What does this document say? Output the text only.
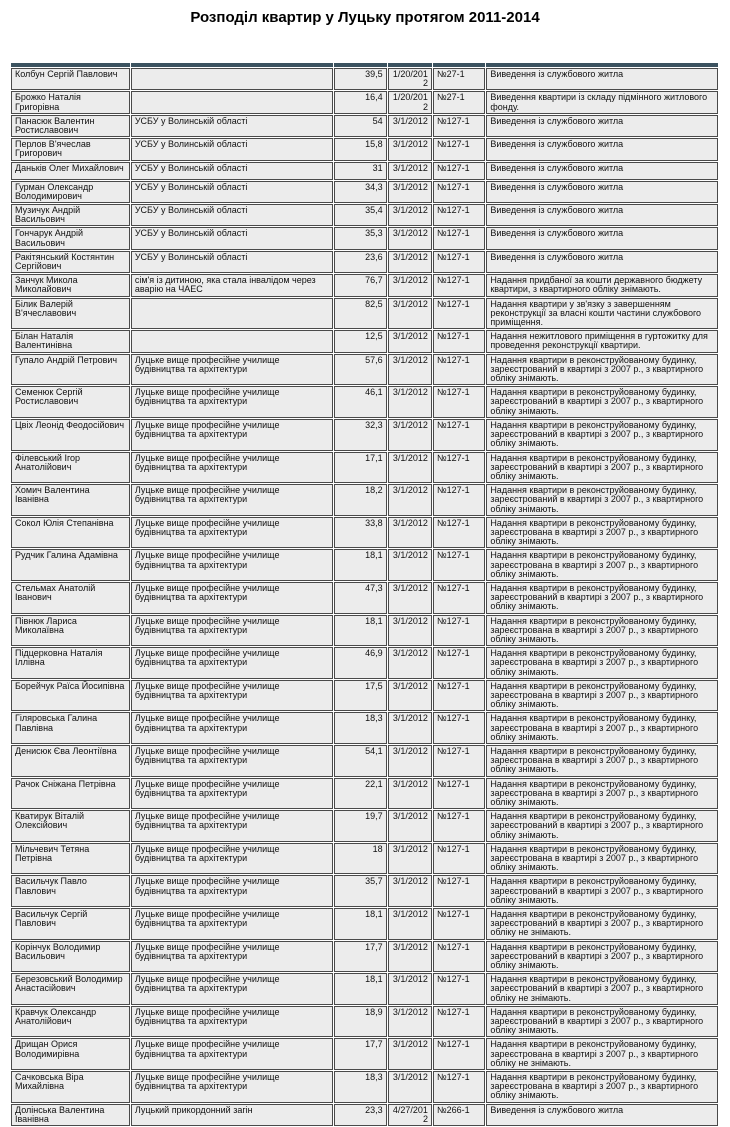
Розподіл квартир у Луцьку протягом 2011-2014

Колбун Сергій Павлович		39,5	1/20/2012	№27-1	Виведення із службового житла
Брожко Наталія Григорівна		16,4	1/20/2012	№27-1	Виведення квартири із складу підмінного житлового фонду.
Панасюк Валентин Ростиславович	УСБУ у Волинській області	54	3/1/2012	№127-1	Виведення із службового житла
Перлов В'ячеслав Григорович	УСБУ у Волинській області	15,8	3/1/2012	№127-1	Виведення із службового житла
Даньків Олег Михайлович	УСБУ у Волинській області	31	3/1/2012	№127-1	Виведення із службового житла
Гурман Олександр Володимирович	УСБУ у Волинській області	34,3	3/1/2012	№127-1	Виведення із службового житла
Музичук Андрій Васильович	УСБУ у Волинській області	35,4	3/1/2012	№127-1	Виведення із службового житла
Гончарук Андрій Васильович	УСБУ у Волинській області	35,3	3/1/2012	№127-1	Виведення із службового житла
Ракітянський Костянтин Сергійович	УСБУ у Волинській області	23,6	3/1/2012	№127-1	Виведення із службового житла
Занчук Микола Миколайович	сім'я із дитиною, яка стала інвалідом через аварію на ЧАЕС	76,7	3/1/2012	№127-1	Надання придбаної за кошти державного бюджету квартири, з квартирного обліку знімають.
Білик Валерій В'ячеславович		82,5	3/1/2012	№127-1	Надання квартири у зв'язку з завершенням реконструкції за власні кошти частини службового приміщення.
Білан Наталія Валентинівна		12,5	3/1/2012	№127-1	Надання нежитлового приміщення в гуртожитку для проведення реконструкції квартири.
Гупало Андрій Петрович	Луцьке вище професійне училище будівництва та архітектури	57,6	3/1/2012	№127-1	Надання квартири в реконструйованому будинку, зареєстрований в квартирі з 2007 р., з квартирного обліку знімають.
Семенюк Сергій Ростиславович	Луцьке вище професійне училище будівництва та архітектури	46,1	3/1/2012	№127-1	Надання квартири в реконструйованому будинку, зареєстрований в квартирі з 2007 р., з квартирного обліку знімають.
Цвіх Леонід Феодосійович	Луцьке вище професійне училище будівництва та архітектури	32,3	3/1/2012	№127-1	Надання квартири в реконструйованому будинку, зареєстрований в квартирі з 2007 р., з квартирного обліку знімають.
Філевський Ігор Анатолійович	Луцьке вище професійне училище будівництва та архітектури	17,1	3/1/2012	№127-1	Надання квартири в реконструйованому будинку, зареєстрований в квартирі з 2007 р., з квартирного обліку знімають.
Хомич Валентина Іванівна	Луцьке вище професійне училище будівництва та архітектури	18,2	3/1/2012	№127-1	Надання квартири в реконструйованому будинку, зареєстрований в квартирі з 2007 р., з квартирного обліку знімають.
Сокол Юлія Степанівна	Луцьке вище професійне училище будівництва та архітектури	33,8	3/1/2012	№127-1	Надання квартири в реконструйованому будинку, зареєстрована в квартирі з 2007 р., з квартирного обліку знімають.
Рудчик Галина Адамівна	Луцьке вище професійне училище будівництва та архітектури	18,1	3/1/2012	№127-1	Надання квартири в реконструйованому будинку, зареєстрована в квартирі з 2007 р., з квартирного обліку знімають.
Стельмах Анатолій Іванович	Луцьке вище професійне училище будівництва та архітектури	47,3	3/1/2012	№127-1	Надання квартири в реконструйованому будинку, зареєстрований в квартирі з 2007 р., з квартирного обліку знімають.
Півнюк Лариса Миколаївна	Луцьке вище професійне училище будівництва та архітектури	18,1	3/1/2012	№127-1	Надання квартири в реконструйованому будинку, зареєстрована в квартирі з 2007 р., з квартирного обліку знімають.
Підцерковна Наталія Іллівна	Луцьке вище професійне училище будівництва та архітектури	46,9	3/1/2012	№127-1	Надання квартири в реконструйованому будинку, зареєстрована в квартирі з 2007 р., з квартирного обліку знімають.
Борейчук Раїса Йосипівна	Луцьке вище професійне училище будівництва та архітектури	17,5	3/1/2012	№127-1	Надання квартири в реконструйованому будинку, зареєстрована в квартирі з 2007 р., з квартирного обліку знімають.
Гіляровська Галина Павлівна	Луцьке вище професійне училище будівництва та архітектури	18,3	3/1/2012	№127-1	Надання квартири в реконструйованому будинку, зареєстрована в квартирі з 2007 р., з квартирного обліку знімають.
Денисюк Єва Леонтіївна	Луцьке вище професійне училище будівництва та архітектури	54,1	3/1/2012	№127-1	Надання квартири в реконструйованому будинку, зареєстрована в квартирі з 2007 р., з квартирного обліку знімають.
Рачок Сніжана Петрівна	Луцьке вище професійне училище будівництва та архітектури	22,1	3/1/2012	№127-1	Надання квартири в реконструйованому будинку, зареєстрована в квартирі з 2007 р., з квартирного обліку знімають.
Кватирук Віталій Олексійович	Луцьке вище професійне училище будівництва та архітектури	19,7	3/1/2012	№127-1	Надання квартири в реконструйованому будинку, зареєстрований в квартирі з 2007 р., з квартирного обліку знімають.
Мільчевич Тетяна Петрівна	Луцьке вище професійне училище будівництва та архітектури	18	3/1/2012	№127-1	Надання квартири в реконструйованому будинку, зареєстрована в квартирі з 2007 р., з квартирного обліку знімають.
Васильчук Павло Павлович	Луцьке вище професійне училище будівництва та архітектури	35,7	3/1/2012	№127-1	Надання квартири в реконструйованому будинку, зареєстрований в квартирі з 2007 р., з квартирного обліку знімають.
Васильчук Сергій Павлович	Луцьке вище професійне училище будівництва та архітектури	18,1	3/1/2012	№127-1	Надання квартири в реконструйованому будинку, зареєстрований в квартирі з 2007 р., з квартирного обліку не знімають.
Корінчук Володимир Васильович	Луцьке вище професійне училище будівництва та архітектури	17,7	3/1/2012	№127-1	Надання квартири в реконструйованому будинку, зареєстрований в квартирі з 2007 р., з квартирного обліку знімають.
Березовський Володимир Анастасійович	Луцьке вище професійне училище будівництва та архітектури	18,1	3/1/2012	№127-1	Надання квартири в реконструйованому будинку, зареєстрований в квартирі з 2007 р., з квартирного обліку не знімають.
Кравчук Олександр Анатолійович	Луцьке вище професійне училище будівництва та архітектури	18,9	3/1/2012	№127-1	Надання квартири в реконструйованому будинку, зареєстрований в квартирі з 2007 р., з квартирного обліку знімають.
Дрищан Орися Володимирівна	Луцьке вище професійне училище будівництва та архітектури	17,7	3/1/2012	№127-1	Надання квартири в реконструйованому будинку, зареєстрована в квартирі з 2007 р., з квартирного обліку не знімають.
Сачковська Віра Михайлівна	Луцьке вище професійне училище будівництва та архітектури	18,3	3/1/2012	№127-1	Надання квартири в реконструйованому будинку, зареєстрована в квартирі з 2007 р., з квартирного обліку знімають.
Долінська Валентина Іванівна	Луцький прикордонний загін	23,3	4/27/2012	№266-1	Виведення із службового житла
